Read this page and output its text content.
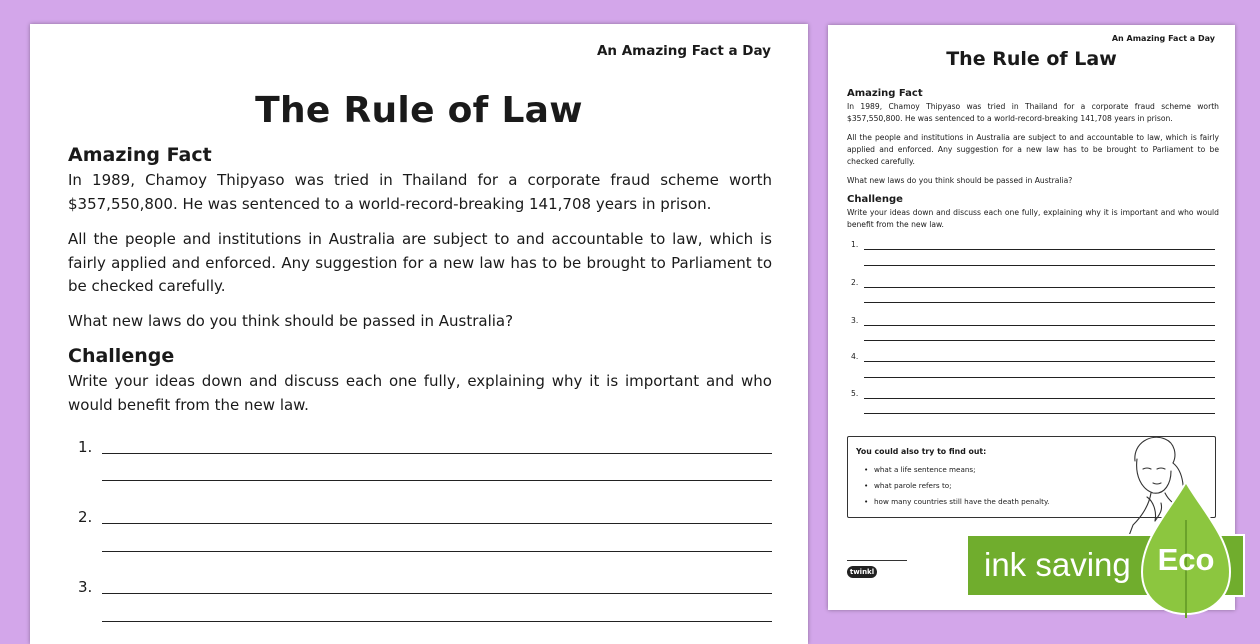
An Amazing Fact a Day
The Rule of Law
Amazing Fact
In 1989, Chamoy Thipyaso was tried in Thailand for a corporate fraud scheme worth $357,550,800. He was sentenced to a world-record-breaking 141,708 years in prison.
All the people and institutions in Australia are subject to and accountable to law, which is fairly applied and enforced. Any suggestion for a new law has to be brought to Parliament to be checked carefully.
What new laws do you think should be passed in Australia?
Challenge
Write your ideas down and discuss each one fully, explaining why it is important and who would benefit from the new law.
1.
2.
3.
An Amazing Fact a Day
The Rule of Law
Amazing Fact
In 1989, Chamoy Thipyaso was tried in Thailand for a corporate fraud scheme worth $357,550,800. He was sentenced to a world-record-breaking 141,708 years in prison.
All the people and institutions in Australia are subject to and accountable to law, which is fairly applied and enforced. Any suggestion for a new law has to be brought to Parliament to be checked carefully.
What new laws do you think should be passed in Australia?
Challenge
Write your ideas down and discuss each one fully, explaining why it is important and who would benefit from the new law.
1.
2.
3.
4.
5.
You could also try to find out:
• what a life sentence means;
• what parole refers to;
• how many countries still have the death penalty.
twinkl	ink saving Eco
